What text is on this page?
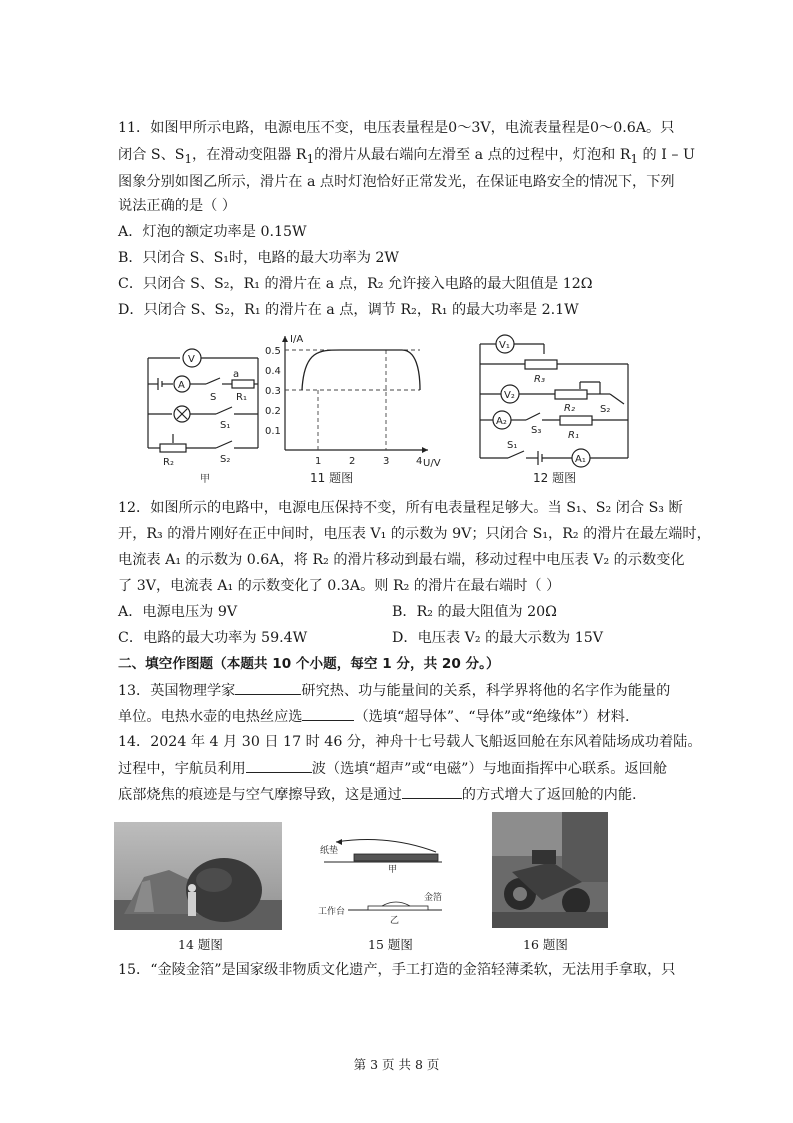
11．如图甲所示电路，电源电压不变，电压表量程是0～3V，电流表量程是0～0.6A。只
闭合 S、$S_1$，在滑动变阻器 $R_1$的滑片从最右端向左滑至 a 点的过程中，灯泡和 $R_1$ 的 I – U
图象分别如图乙所示，滑片在 a 点时灯泡恰好正常发光，在保证电路安全的情况下，下列
说法正确的是（ ）
A．灯泡的额定功率是 0.15W
B．只闭合 S、S₁时，电路的最大功率为 2W
C．只闭合 S、S₂，R₁ 的滑片在 a 点，R₂ 允许接入电路的最大阻值是 12Ω
D．只闭合 S、S₂，R₁ 的滑片在 a 点，调节 R₂，R₁ 的最大功率是 2.1W
V
A
S
a
R₁
S₁
R₂	S₂
甲
I/A
U/V
0.5
0.4
0.3
0.2
0.1
1	2	3	4
11 题图
V₁
R₃
V₂
R₂	S₂
A₂
S₃	R₁
S₁
A₁
12 题图
12．如图所示的电路中，电源电压保持不变，所有电表量程足够大。当 S₁、S₂ 闭合 S₃ 断
开，R₃ 的滑片刚好在正中间时，电压表 V₁ 的示数为 9V；只闭合 S₁，R₂ 的滑片在最左端时，
电流表 A₁ 的示数为 0.6A，将 R₂ 的滑片移动到最右端，移动过程中电压表 V₂ 的示数变化
了 3V，电流表 A₁ 的示数变化了 0.3A。则 R₂ 的滑片在最右端时（ ）
A．电源电压为 9V	B．R₂ 的最大阻值为 20Ω
C．电路的最大功率为 59.4W	D．电压表 V₂ 的最大示数为 15V
二、填空作图题（本题共 10 个小题，每空 1 分，共 20 分。）
13．英国物理学家	研究热、功与能量间的关系，科学界将他的名字作为能量的
单位。电热水壶的电热丝应选	（选填“超导体”、“导体”或“绝缘体”）材料.
14．2024 年 4 月 30 日 17 时 46 分，神舟十七号载人飞船返回舱在东风着陆场成功着陆。
过程中，宇航员利用	波（选填“超声”或“电磁”）与地面指挥中心联系。返回舱
底部烧焦的痕迹是与空气摩擦导致，这是通过	的方式增大了返回舱的内能.
纸垫
甲
工作台
金箔
乙
14 题图	15 题图	16 题图
15．“金陵金箔”是国家级非物质文化遗产，手工打造的金箔轻薄柔软，无法用手拿取，只
第 3 页 共 8 页
